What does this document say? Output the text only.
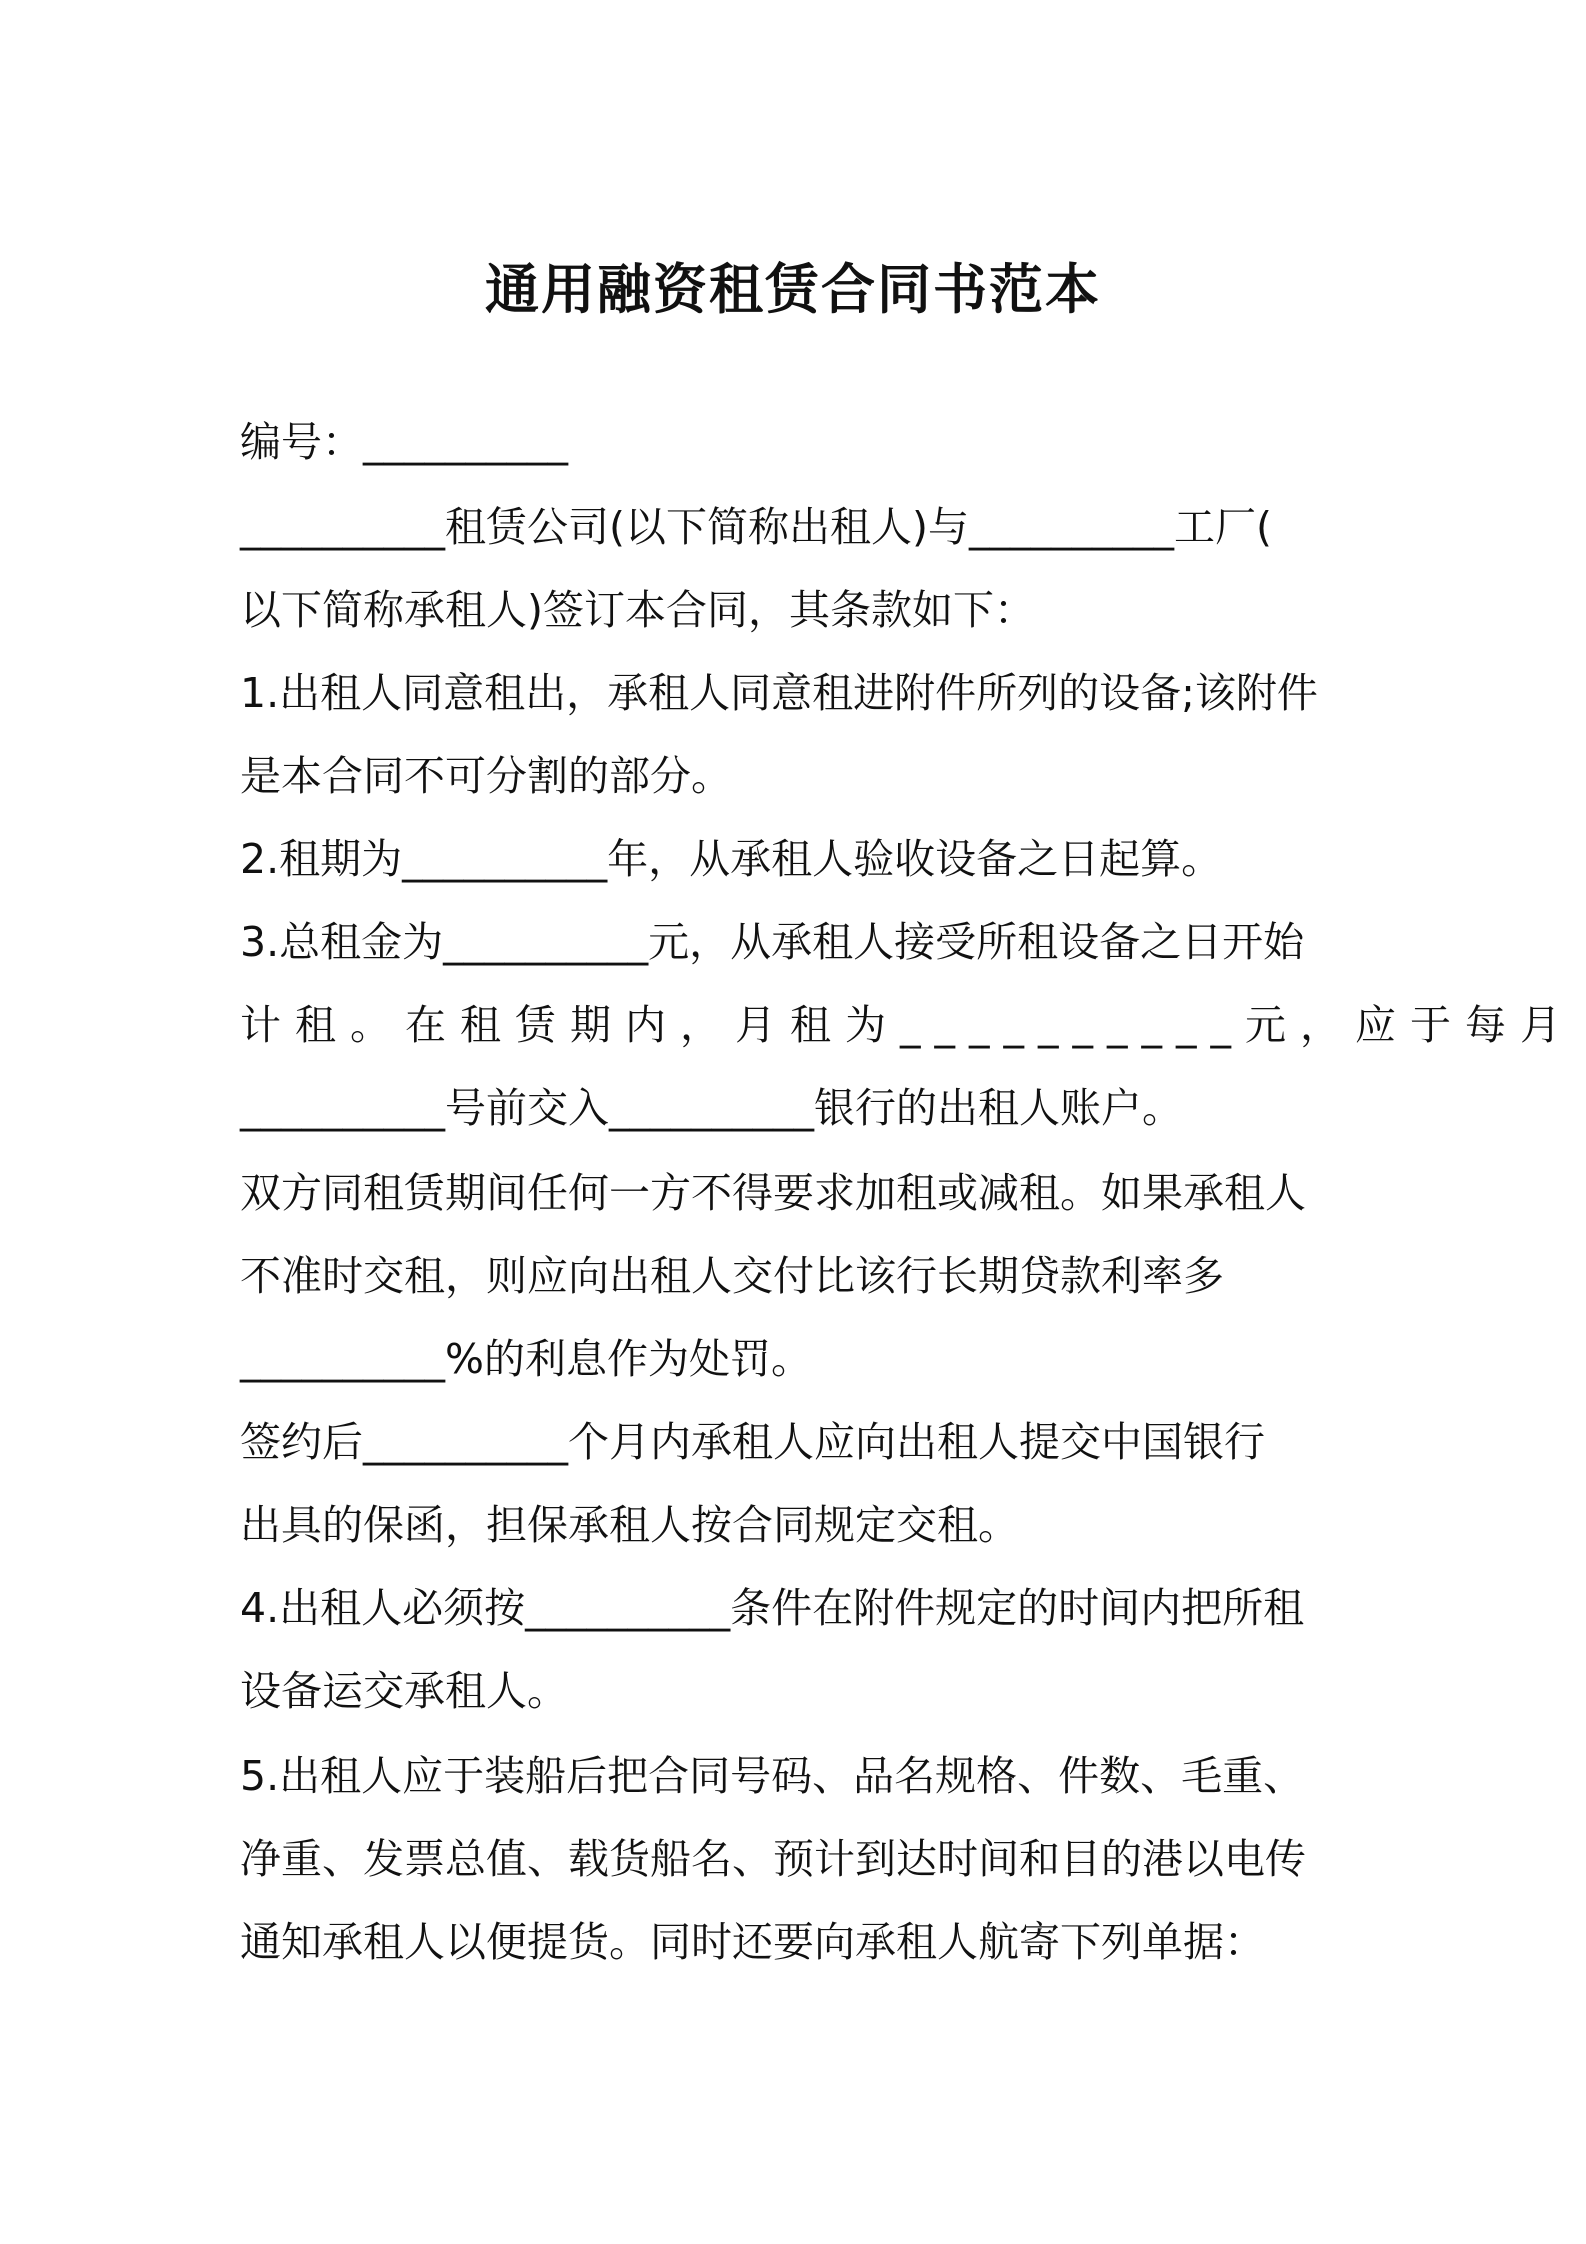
通用融资租赁合同书范本
编号：__________
__________租赁公司(以下简称出租人)与__________工厂(
以下简称承租人)签订本合同，其条款如下：
1.出租人同意租出，承租人同意租进附件所列的设备;该附件
是本合同不可分割的部分。
2.租期为__________年，从承租人验收设备之日起算。
3.总租金为__________元，从承租人接受所租设备之日开始
计租。在租赁期内，月租为__________元，应于每月
__________号前交入__________银行的出租人账户。
双方同租赁期间任何一方不得要求加租或减租。如果承租人
不准时交租，则应向出租人交付比该行长期贷款利率多
__________%的利息作为处罚。
签约后__________个月内承租人应向出租人提交中国银行
出具的保函，担保承租人按合同规定交租。
4.出租人必须按__________条件在附件规定的时间内把所租
设备运交承租人。
5.出租人应于装船后把合同号码、品名规格、件数、毛重、
净重、发票总值、载货船名、预计到达时间和目的港以电传
通知承租人以便提货。同时还要向承租人航寄下列单据：
